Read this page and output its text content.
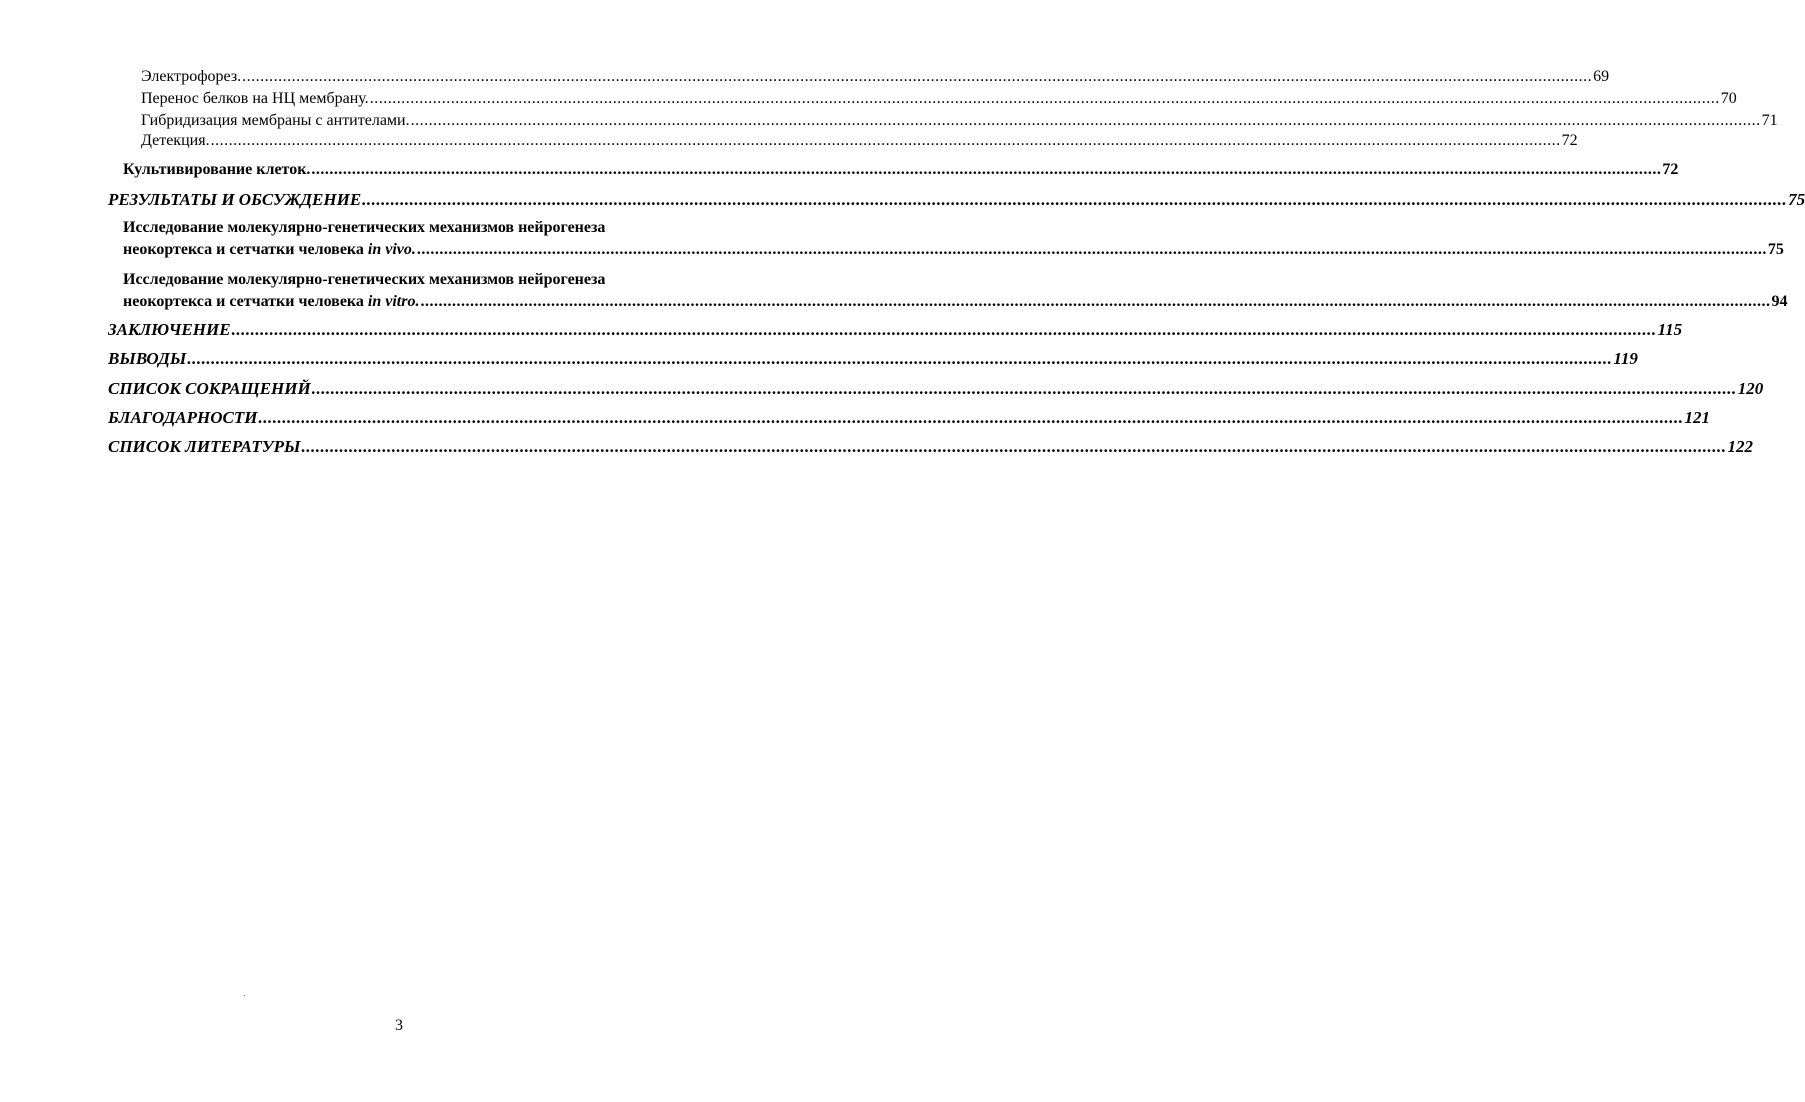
Электрофорез. ............................................................................................................................................................................................................................................................................................................ 69
Перенос белков на НЦ мембрану. ............................................................................................................................................................................................................................................................................................................ 70
Гибридизация мембраны с антителами. ............................................................................................................................................................................................................................................................................................................ 71
Детекция. ............................................................................................................................................................................................................................................................................................................ 72
Культивирование клеток. ............................................................................................................................................................................................................................................................................................................ 72
РЕЗУЛЬТАТЫ И ОБСУЖДЕНИЕ ............................................................................................................................................................................................................................................................................................................ 75
Исследование молекулярно-генетических механизмов нейрогенеза
неокортекса и сетчатки человека in vivo. ............................................................................................................................................................................................................................................................................................................ 75
Исследование молекулярно-генетических механизмов нейрогенеза
неокортекса и сетчатки человека in vitro. ............................................................................................................................................................................................................................................................................................................ 94
ЗАКЛЮЧЕНИЕ ............................................................................................................................................................................................................................................................................................................ 115
ВЫВОДЫ ............................................................................................................................................................................................................................................................................................................ 119
СПИСОК СОКРАЩЕНИЙ ............................................................................................................................................................................................................................................................................................................ 120
БЛАГОДАРНОСТИ ............................................................................................................................................................................................................................................................................................................ 121
СПИСОК ЛИТЕРАТУРЫ ............................................................................................................................................................................................................................................................................................................ 122
3
